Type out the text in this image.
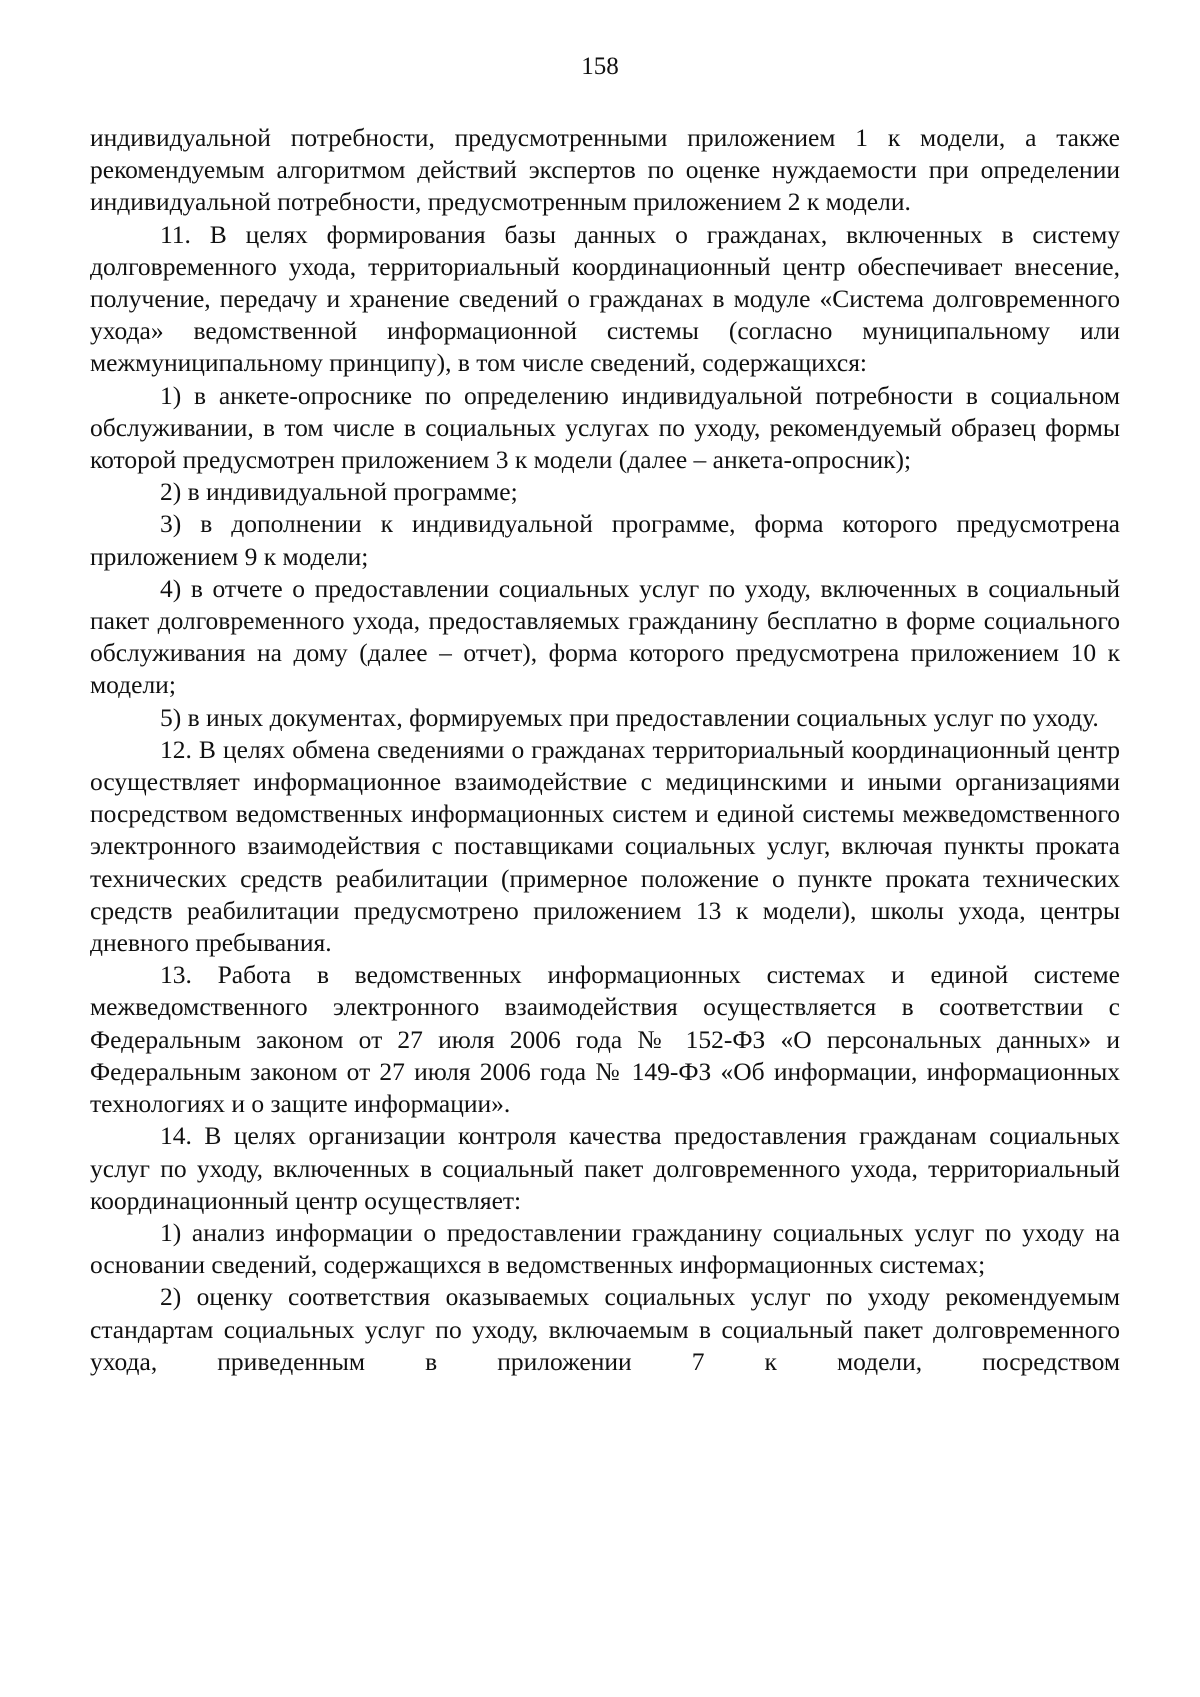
158

индивидуальной потребности, предусмотренными приложением 1 к модели, а также рекомендуемым алгоритмом действий экспертов по оценке нуждаемости при определении индивидуальной потребности, предусмотренным приложением 2 к модели.

11. В целях формирования базы данных о гражданах, включенных в систему долговременного ухода, территориальный координационный центр обеспечивает внесение, получение, передачу и хранение сведений о гражданах в модуле «Система долговременного ухода» ведомственной информационной системы (согласно муниципальному или межмуниципальному принципу), в том числе сведений, содержащихся:

1) в анкете-опроснике по определению индивидуальной потребности в социальном обслуживании, в том числе в социальных услугах по уходу, рекомендуемый образец формы которой предусмотрен приложением 3 к модели (далее – анкета-опросник);

2) в индивидуальной программе;

3) в дополнении к индивидуальной программе, форма которого предусмотрена приложением 9 к модели;

4) в отчете о предоставлении социальных услуг по уходу, включенных в социальный пакет долговременного ухода, предоставляемых гражданину бесплатно в форме социального обслуживания на дому (далее – отчет), форма которого предусмотрена приложением 10 к модели;

5) в иных документах, формируемых при предоставлении социальных услуг по уходу.

12. В целях обмена сведениями о гражданах территориальный координационный центр осуществляет информационное взаимодействие с медицинскими и иными организациями посредством ведомственных информационных систем и единой системы межведомственного электронного взаимодействия с поставщиками социальных услуг, включая пункты проката технических средств реабилитации (примерное положение о пункте проката технических средств реабилитации предусмотрено приложением 13 к модели), школы ухода, центры дневного пребывания.

13. Работа в ведомственных информационных системах и единой системе межведомственного электронного взаимодействия осуществляется в соответствии с Федеральным законом от 27 июля 2006 года № 152-ФЗ «О персональных данных» и Федеральным законом от 27 июля 2006 года № 149-ФЗ «Об информации, информационных технологиях и о защите информации».

14. В целях организации контроля качества предоставления гражданам социальных услуг по уходу, включенных в социальный пакет долговременного ухода, территориальный координационный центр осуществляет:

1) анализ информации о предоставлении гражданину социальных услуг по уходу на основании сведений, содержащихся в ведомственных информационных системах;

2) оценку соответствия оказываемых социальных услуг по уходу рекомендуемым стандартам социальных услуг по уходу, включаемым в социальный пакет долговременного ухода, приведенным в приложении 7 к модели, посредством
